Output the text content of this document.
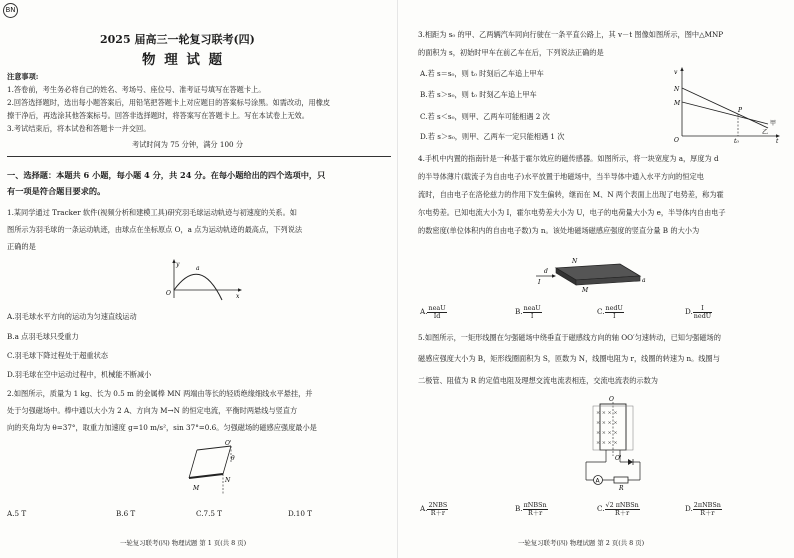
BN
2025 届高三一轮复习联考(四)
物 理 试 题
注意事项:
1.答卷前，考生务必将自己的姓名、考场号、座位号、准考证号填写在答题卡上。
2.回答选择题时，选出每小题答案后，用铅笔把答题卡上对应题目的答案标号涂黑。如需改动，用橡皮
擦干净后，再选涂其他答案标号。回答非选择题时，将答案写在答题卡上。写在本试卷上无效。
3.考试结束后，将本试卷和答题卡一并交回。
考试时间为 75 分钟，满分 100 分
一、选择题：本题共 6 小题，每小题 4 分，共 24 分。在每小题给出的四个选项中，只
有一项是符合题目要求的。
1.某同学通过 Tracker 软件(视频分析和建模工具)研究羽毛球运动轨迹与初速度的关系。如
图所示为羽毛球的一条运动轨迹，由球点在坐标原点 O，a 点为运动轨迹的最高点，下列说法
正确的是
O
y
x
a
A.羽毛球水平方向的运动为匀速直线运动
B.a 点羽毛球只受重力
C.羽毛球下降过程处于超重状态
D.羽毛球在空中运动过程中，机械能不断减小
2.如图所示，质量为 1 kg、长为 0.5 m 的金属棒 MN 两端由等长的轻质绝缘细线水平悬挂，并
处于匀强磁场中。棒中通以大小为 2 A、方向为 M→N 的恒定电流，平衡时两悬线与竖直方
向的夹角均为 θ=37°，取重力加速度 g=10 m/s²，sin 37°=0.6。匀强磁场的磁感应强度最小是
O'
θ
N
M
A.5 T	B.6 T	C.7.5 T	D.10 T
一轮复习联考(四) 物理试题 第 1 页(共 8 页)
3.相距为 s₀ 的甲、乙两辆汽车同向行驶在一条平直公路上，其 v－t 图像如图所示，图中△MNP
的面积为 s，初始时甲车在前乙车在后，下列说法正确的是
A.若 s＝s₀，则 t₀ 时刻后乙车追上甲车
B.若 s＞s₀，则 t₀ 时刻乙车追上甲车
C.若 s＜s₀，则甲、乙两车可能相遇 2 次
D.若 s＞s₀，则甲、乙两车一定只能相遇 1 次
v
t
O
N
M
P
t₀
甲
乙
4.手机中内置的指南针是一种基于霍尔效应的磁传感器。如图所示，将一块宽度为 a，厚度为 d
的半导体薄片(载流子为自由电子)水平放置于地磁场中，当半导体中通入水平方向的恒定电
流时，自由电子在洛伦兹力的作用下发生偏转，继而在 M、N 两个表面上出现了电势差，称为霍
尔电势差。已知电流大小为 I，霍尔电势差大小为 U，电子的电荷量大小为 e，半导体内自由电子
的数密度(单位体积内的自由电子数)为 n。该处地磁场磁感应强度的竖直分量 B 的大小为
N
M
d
a
I
A. $\frac{\text{neaU}}{Id}$	B. $\frac{\text{neaU}}{I}$	C. $\frac{\text{nedU}}{I}$	D. $\frac{I}{\text{nedU}}$
5.如图所示，一矩形线圈在匀强磁场中绕垂直于磁感线方向的轴 OO′匀速转动，已知匀强磁场的
磁感应强度大小为 B，矩形线圈面积为 S，匝数为 N，线圈电阻为 r，线圈的转速为 n。线圈与
二极管、阻值为 R 的定值电阻及理想交流电流表相连，交流电流表的示数为
O
× × × ×
× × × ×
× × × ×
× × × ×
O'
A
R
A. $\frac{\text{2NBS}}{R+r}$	B. $\frac{\text{πNBSn}}{R+r}$	C. $\frac{\text{√2 πNBSn}}{R+r}$	D. $\frac{\text{2πNBSn}}{R+r}$
一轮复习联考(四) 物理试题 第 2 页(共 8 页)
